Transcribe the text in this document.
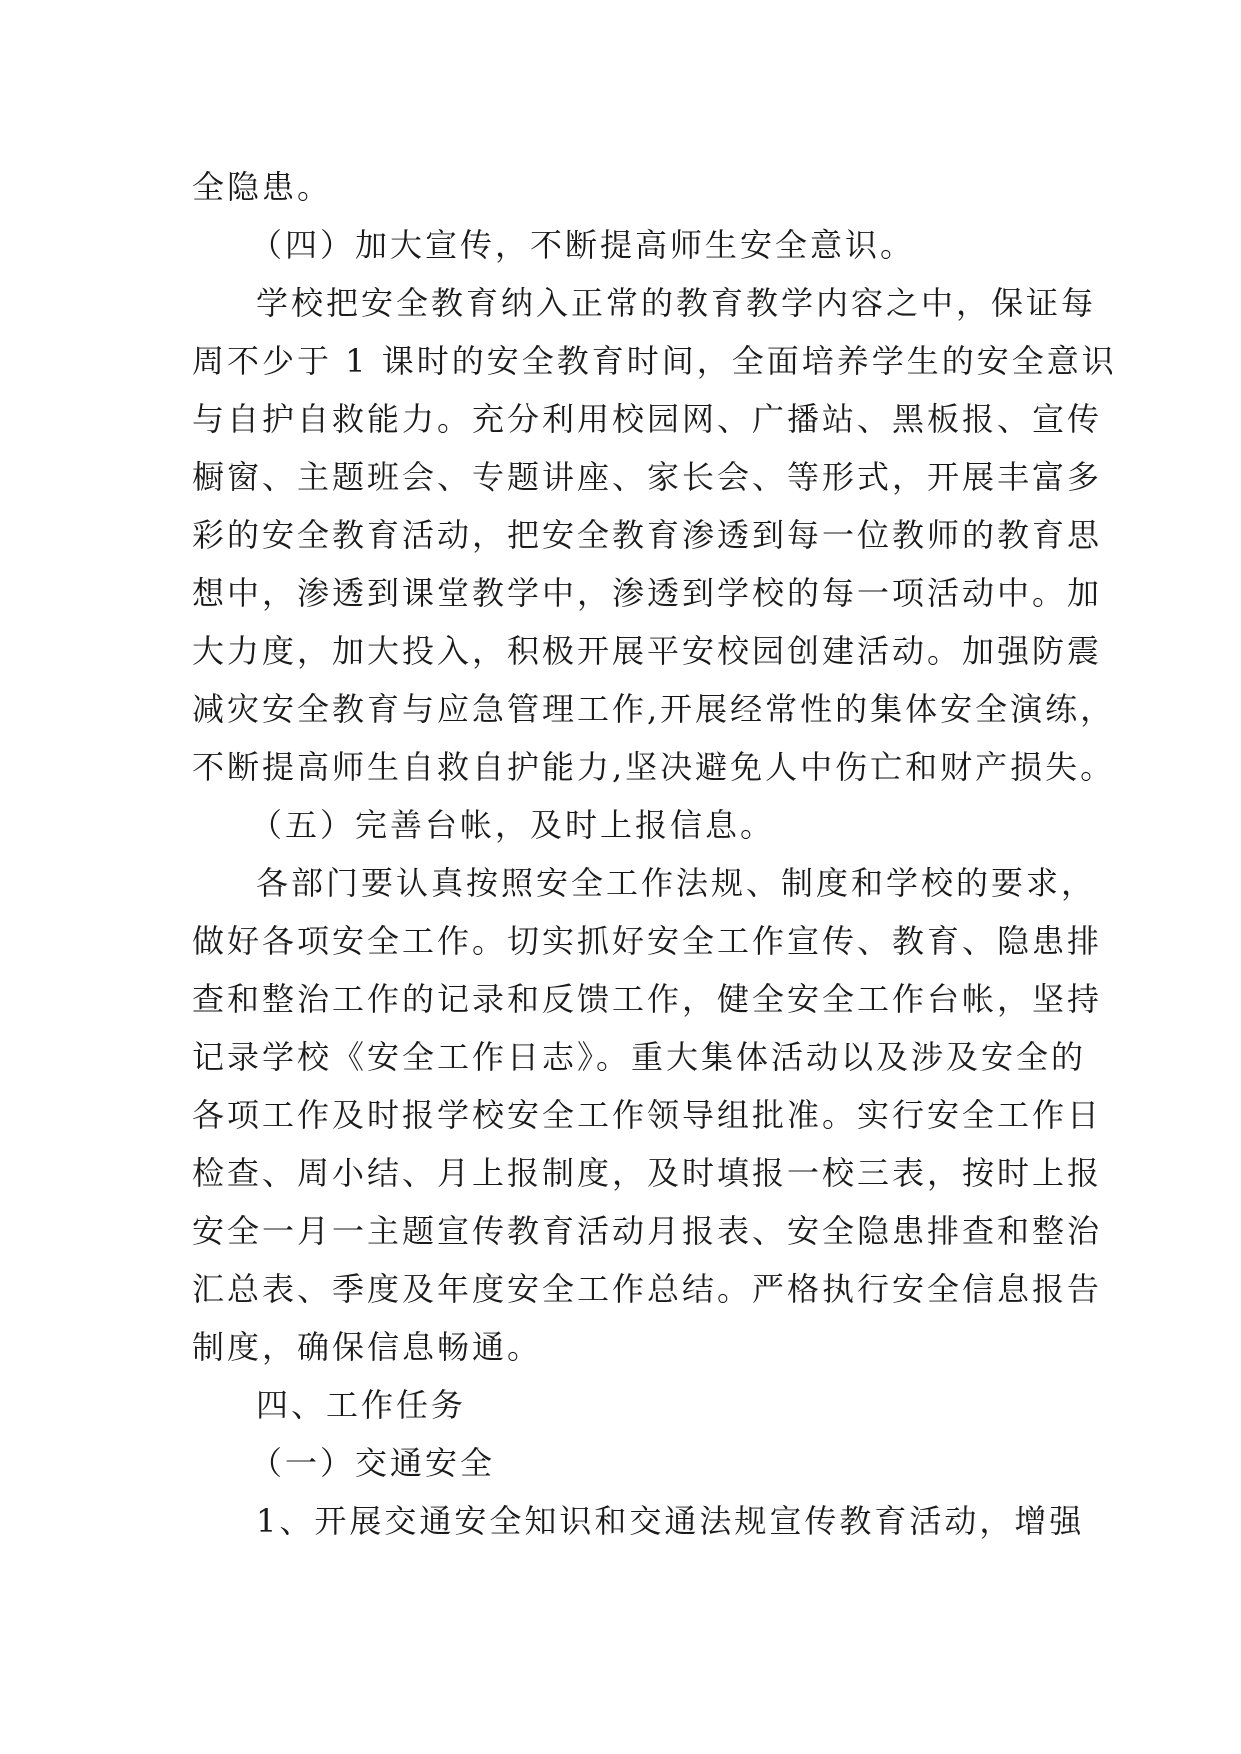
全隐患。
（四）加大宣传，不断提高师生安全意识。
学校把安全教育纳入正常的教育教学内容之中，保证每
周不少于 1 课时的安全教育时间，全面培养学生的安全意识
与自护自救能力。充分利用校园网、广播站、黑板报、宣传
橱窗、主题班会、专题讲座、家长会、等形式，开展丰富多
彩的安全教育活动，把安全教育渗透到每一位教师的教育思
想中，渗透到课堂教学中，渗透到学校的每一项活动中。加
大力度，加大投入，积极开展平安校园创建活动。加强防震
减灾安全教育与应急管理工作,开展经常性的集体安全演练，
不断提高师生自救自护能力,坚决避免人中伤亡和财产损失。
（五）完善台帐，及时上报信息。
各部门要认真按照安全工作法规、制度和学校的要求，
做好各项安全工作。切实抓好安全工作宣传、教育、隐患排
查和整治工作的记录和反馈工作，健全安全工作台帐，坚持
记录学校《安全工作日志》。重大集体活动以及涉及安全的
各项工作及时报学校安全工作领导组批准。实行安全工作日
检查、周小结、月上报制度，及时填报一校三表，按时上报
安全一月一主题宣传教育活动月报表、安全隐患排查和整治
汇总表、季度及年度安全工作总结。严格执行安全信息报告
制度，确保信息畅通。
四、工作任务
（一）交通安全
1、开展交通安全知识和交通法规宣传教育活动，增强
